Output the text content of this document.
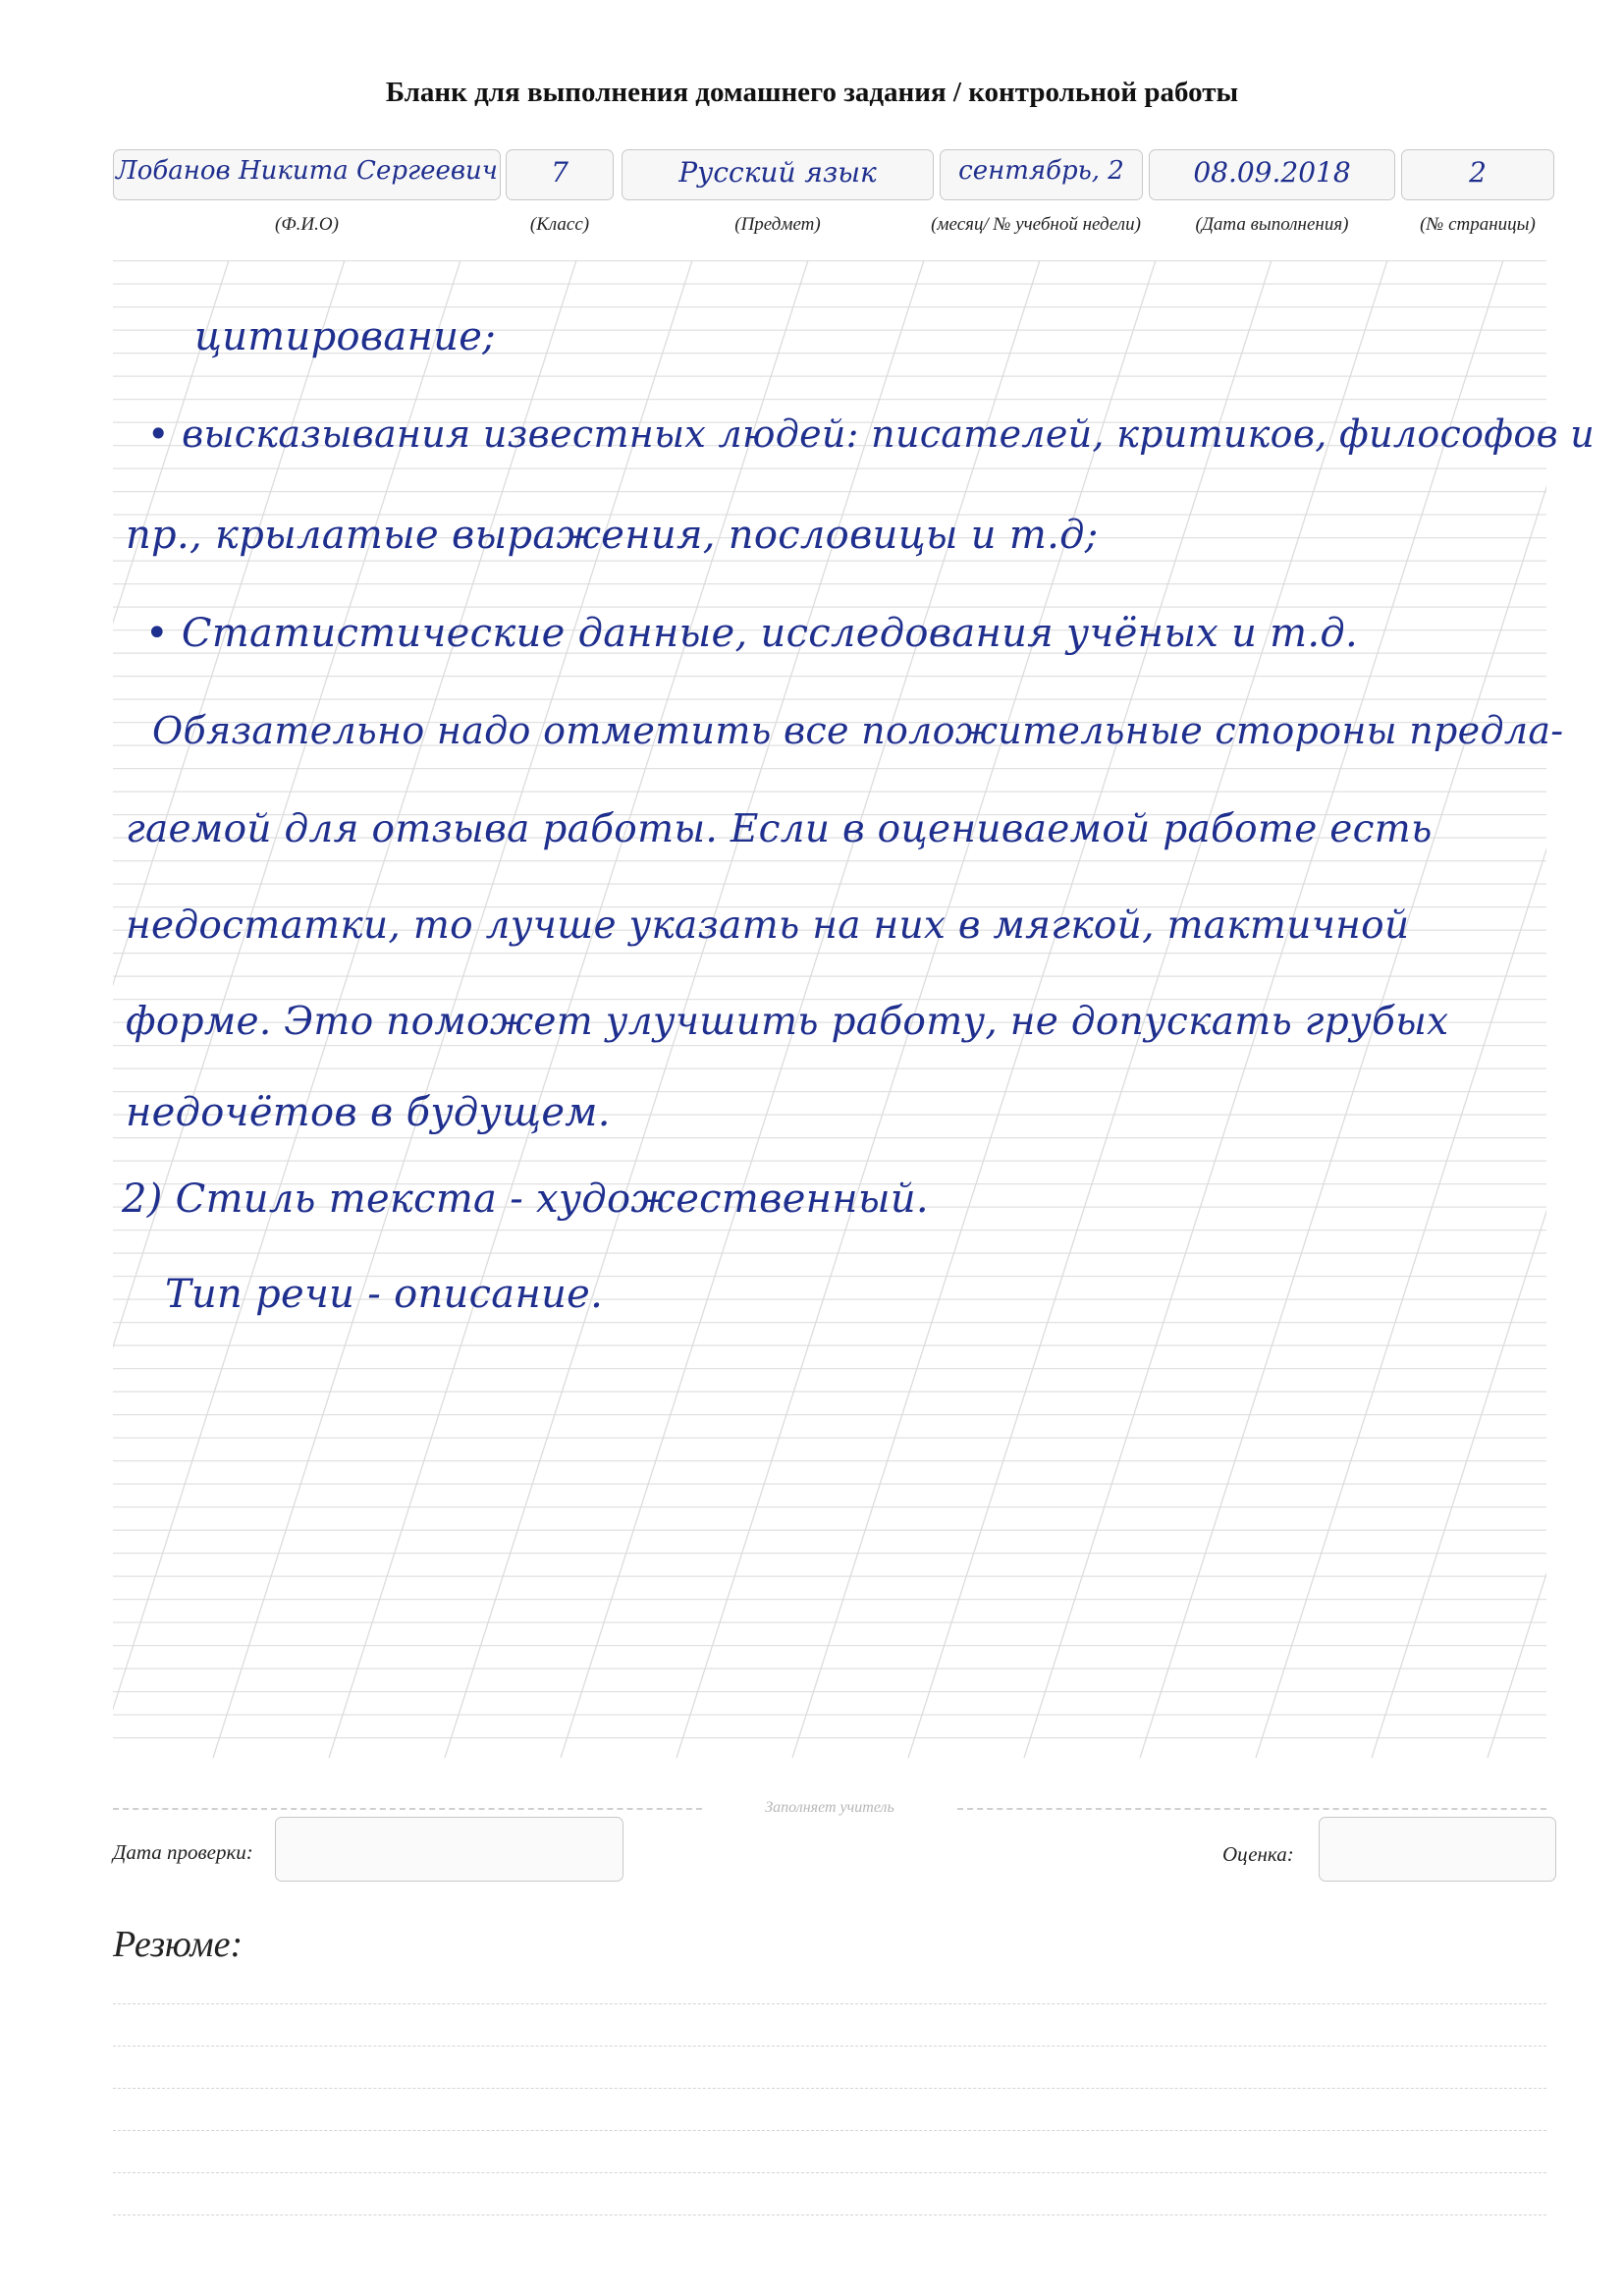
Бланк для выполнения домашнего задания / контрольной работы
Лобанов Никита Сергеевич
(Ф.И.О)
7
(Класс)
Русский язык
(Предмет)
сентябрь, 2
(месяц/ № учебной недели)
08.09.2018
(Дата выполнения)
2
(№ страницы)
цитирование;
• высказывания известных людей: писателей, критиков, философов и
пр., крылатые выражения, пословицы и т.д;
• Статистические данные, исследования учёных и т.д.
Обязательно надо отметить все положительные стороны предла-
гаемой для отзыва работы. Если в оцениваемой работе есть
недостатки, то лучше указать на них в мягкой, тактичной
форме. Это поможет улучшить работу, не допускать грубых
недочётов в будущем.
2) Стиль текста - художественный.
Тип речи - описание.
Заполняет учитель
Дата проверки:	Оценка:
Резюме:
